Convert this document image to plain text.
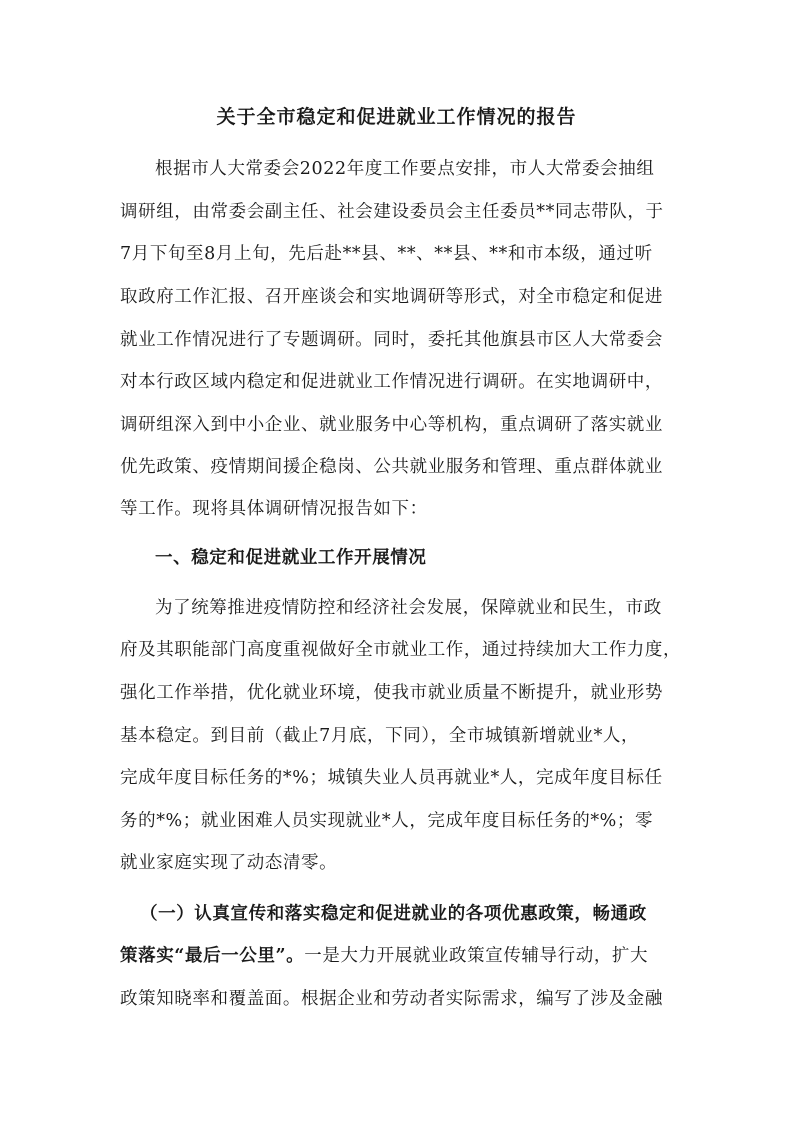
关于全市稳定和促进就业工作情况的报告
根据市人大常委会2022年度工作要点安排，市人大常委会抽组
调研组，由常委会副主任、社会建设委员会主任委员**同志带队，于
7月下旬至8月上旬，先后赴**县、**、**县、**和市本级，通过听
取政府工作汇报、召开座谈会和实地调研等形式，对全市稳定和促进
就业工作情况进行了专题调研。同时，委托其他旗县市区人大常委会
对本行政区域内稳定和促进就业工作情况进行调研。在实地调研中，
调研组深入到中小企业、就业服务中心等机构，重点调研了落实就业
优先政策、疫情期间援企稳岗、公共就业服务和管理、重点群体就业
等工作。现将具体调研情况报告如下：
一、稳定和促进就业工作开展情况
为了统筹推进疫情防控和经济社会发展，保障就业和民生，市政
府及其职能部门高度重视做好全市就业工作，通过持续加大工作力度，
强化工作举措，优化就业环境，使我市就业质量不断提升，就业形势
基本稳定。到目前（截止7月底，下同），全市城镇新增就业*人，
完成年度目标任务的*%；城镇失业人员再就业*人，完成年度目标任
务的*%；就业困难人员实现就业*人，完成年度目标任务的*%；零
就业家庭实现了动态清零。
（一）认真宣传和落实稳定和促进就业的各项优惠政策，畅通政
策落实“最后一公里”。一是大力开展就业政策宣传辅导行动，扩大
政策知晓率和覆盖面。根据企业和劳动者实际需求，编写了涉及金融
